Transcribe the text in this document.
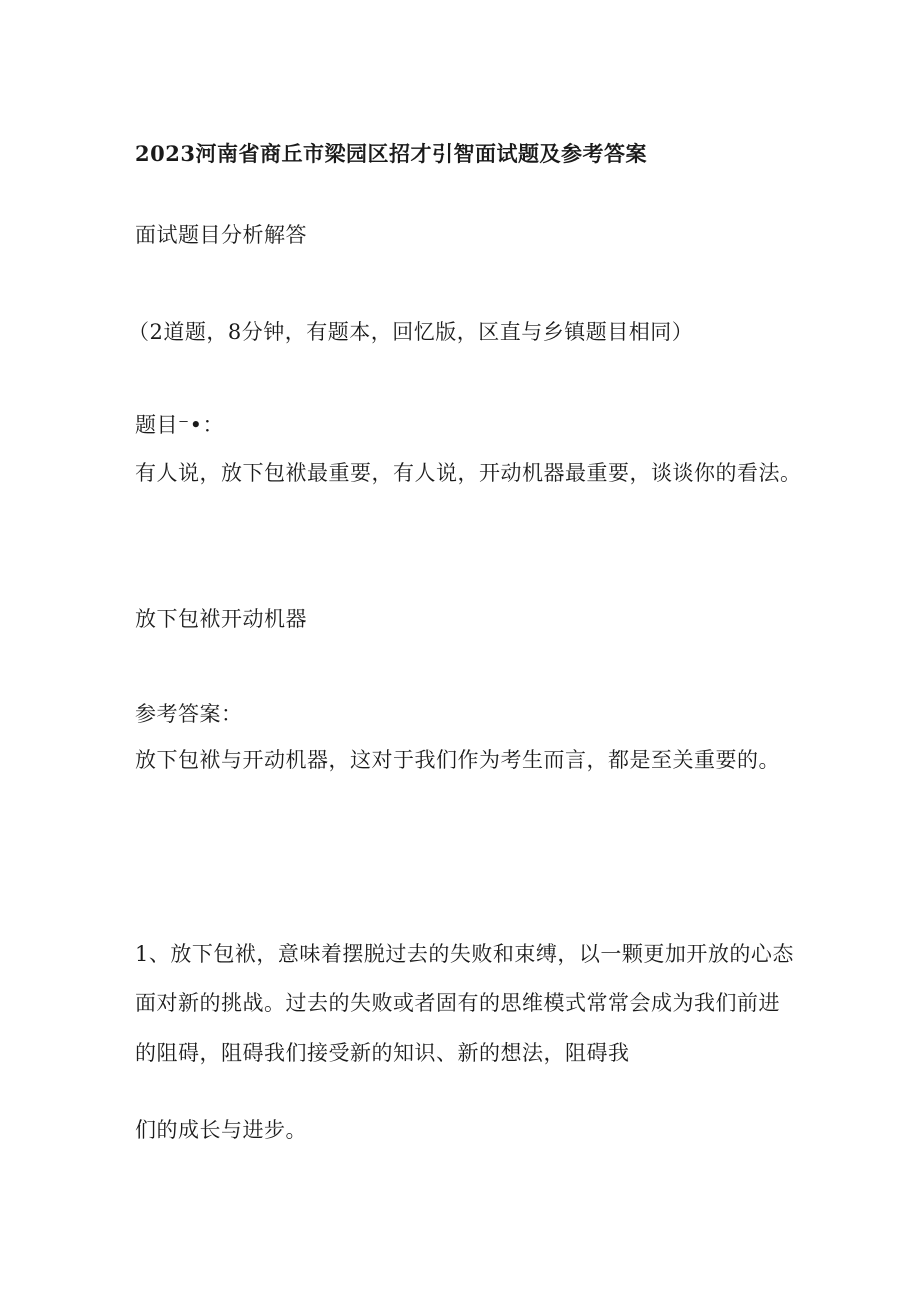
2023河南省商丘市梁园区招才引智面试题及参考答案
面试题目分析解答
（2道题，8分钟，有题本，回忆版，区直与乡镇题目相同）
题目⁻•：
有人说，放下包袱最重要，有人说，开动机器最重要，谈谈你的看法。
放下包袱开动机器
参考答案：
放下包袱与开动机器，这对于我们作为考生而言，都是至关重要的。
1、放下包袱，意味着摆脱过去的失败和束缚，以一颗更加开放的心态
面对新的挑战。过去的失败或者固有的思维模式常常会成为我们前进
的阻碍，阻碍我们接受新的知识、新的想法，阻碍我
们的成长与进步。
